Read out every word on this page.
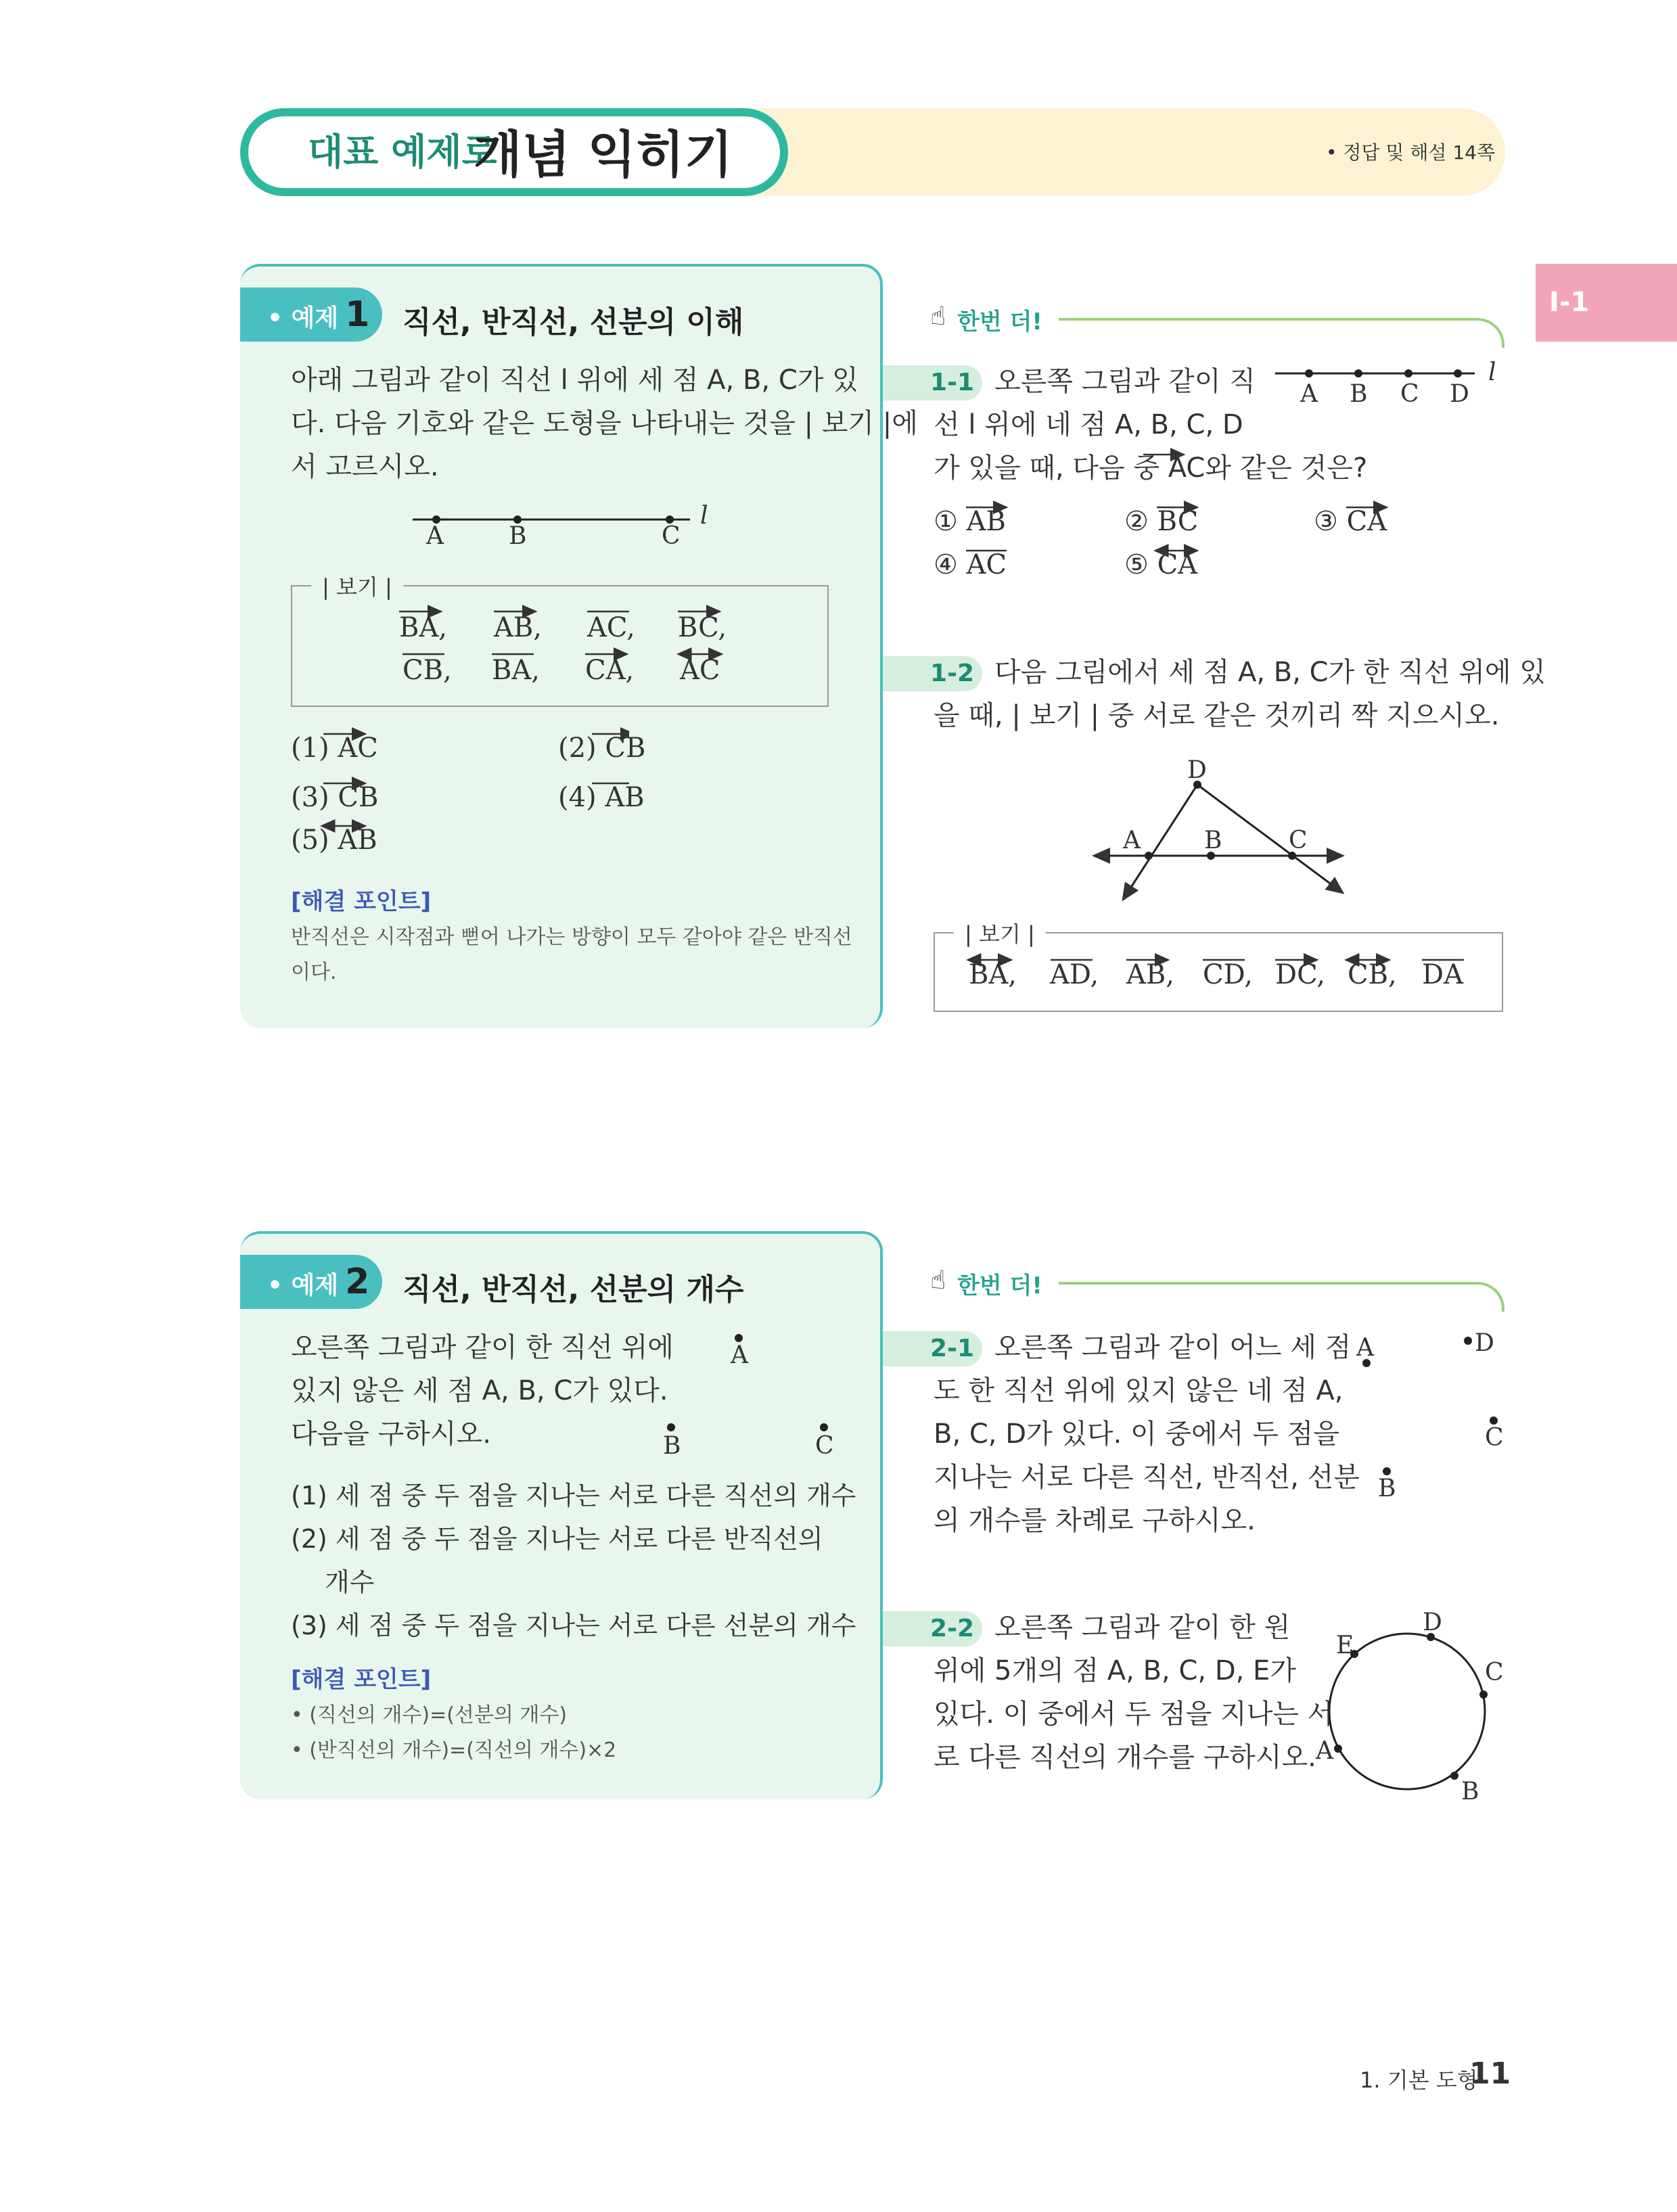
대표 예제로
개념 익히기	• 정답 및 해설 14쪽
Ⅰ-1
• 예제 1	직선, 반직선, 선분의 이해
아래 그림과 같이 직선 l 위에 세 점 A, B, C가 있
다. 다음 기호와 같은 도형을 나타내는 것을 | 보기 |에
서 고르시오.
A	B	C
l
| 보기 |
BA, AB, AC, BC,
CB, BA, CA, AC
(1) AC	(2) CB
(3) CB	(4) AB
(5) AB
[해결 포인트]
반직선은 시작점과 뻗어 나가는 방향이 모두 같아야 같은 반직선
이다.
☝ 한번 더!
1-1 오른쪽 그림과 같이 직
선 l 위에 네 점 A, B, C, D
가 있을 때, 다음 중 AC와 같은 것은?
A B C D
l
① AB	② BC	③ CA
④ AC	⑤ CA
1-2 다음 그림에서 세 점 A, B, C가 한 직선 위에 있
을 때, | 보기 | 중 서로 같은 것끼리 짝 지으시오.
D
A	B	C
| 보기 |
BA, AD, AB, CD, DC, CB, DA
• 예제 2	직선, 반직선, 선분의 개수
오른쪽 그림과 같이 한 직선 위에
있지 않은 세 점 A, B, C가 있다.
다음을 구하시오.
A
B	C
(1) 세 점 중 두 점을 지나는 서로 다른 직선의 개수
(2) 세 점 중 두 점을 지나는 서로 다른 반직선의
개수
(3) 세 점 중 두 점을 지나는 서로 다른 선분의 개수
[해결 포인트]
• (직선의 개수)=(선분의 개수)
• (반직선의 개수)=(직선의 개수)×2
☝ 한번 더!
2-1 오른쪽 그림과 같이 어느 세 점
도 한 직선 위에 있지 않은 네 점 A,
B, C, D가 있다. 이 중에서 두 점을
지나는 서로 다른 직선, 반직선, 선분
의 개수를 차례로 구하시오.
A	D
C
B
2-2 오른쪽 그림과 같이 한 원
위에 5개의 점 A, B, C, D, E가
있다. 이 중에서 두 점을 지나는 서
로 다른 직선의 개수를 구하시오.
D
E
C
A
B
1. 기본 도형
11
